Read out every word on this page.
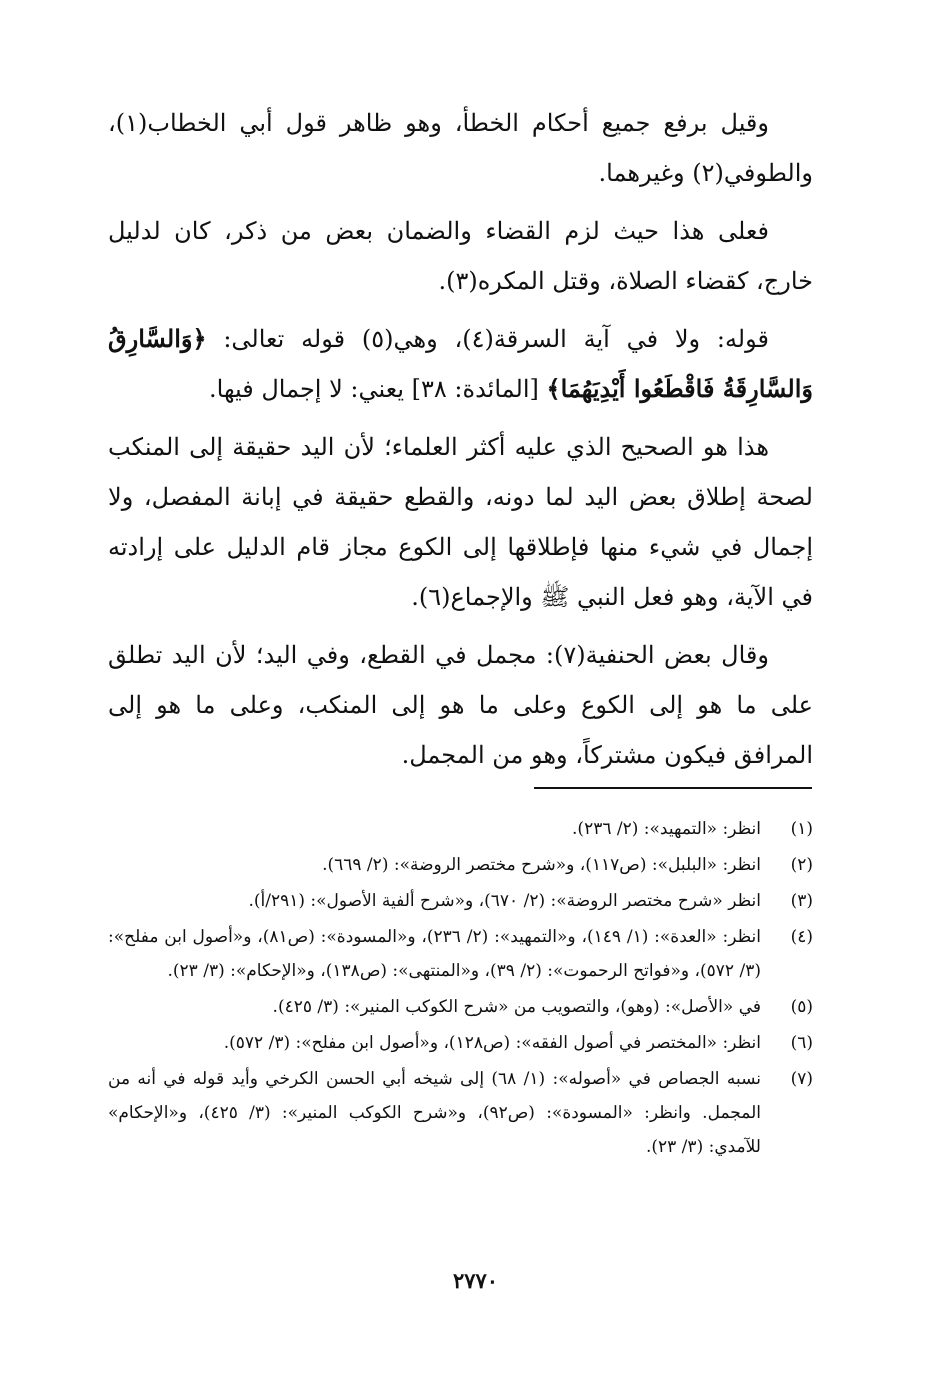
وقيل برفع جميع أحكام الخطأ، وهو ظاهر قول أبي الخطاب(١)، والطوفي(٢) وغيرهما.

فعلى هذا حيث لزم القضاء والضمان بعض من ذكر، كان لدليل خارج، كقضاء الصلاة، وقتل المكره(٣).

قوله: ولا في آية السرقة(٤)، وهي(٥) قوله تعالى: ﴿وَالسَّارِقُ وَالسَّارِقَةُ فَاقْطَعُوا أَيْدِيَهُمَا﴾ [المائدة: ٣٨] يعني: لا إجمال فيها.

هذا هو الصحيح الذي عليه أكثر العلماء؛ لأن اليد حقيقة إلى المنكب لصحة إطلاق بعض اليد لما دونه، والقطع حقيقة في إبانة المفصل، ولا إجمال في شيء منها فإطلاقها إلى الكوع مجاز قام الدليل على إرادته في الآية، وهو فعل النبي ﷺ والإجماع(٦).

وقال بعض الحنفية(٧): مجمل في القطع، وفي اليد؛ لأن اليد تطلق على ما هو إلى الكوع وعلى ما هو إلى المنكب، وعلى ما هو إلى المرافق فيكون مشتركاً، وهو من المجمل.

(١)
انظر: «التمهيد»: (٢/ ٢٣٦).
(٢)
انظر: «البلبل»: (ص١١٧)، و«شرح مختصر الروضة»: (٢/ ٦٦٩).
(٣)
انظر «شرح مختصر الروضة»: (٢/ ٦٧٠)، و«شرح ألفية الأصول»: (٢٩١/أ).
(٤)
انظر: «العدة»: (١/ ١٤٩)، و«التمهيد»: (٢/ ٢٣٦)، و«المسودة»: (ص٨١)، و«أصول ابن مفلح»: (٣/ ٥٧٢)، و«فواتح الرحموت»: (٢/ ٣٩)، و«المنتهى»: (ص١٣٨)، و«الإحكام»: (٣/ ٢٣).
(٥)
في «الأصل»: (وهو)، والتصويب من «شرح الكوكب المنير»: (٣/ ٤٢٥).
(٦)
انظر: «المختصر في أصول الفقه»: (ص١٢٨)، و«أصول ابن مفلح»: (٣/ ٥٧٢).
(٧)
نسبه الجصاص في «أصوله»: (١/ ٦٨) إلى شيخه أبي الحسن الكرخي وأيد قوله في أنه من المجمل. وانظر: «المسودة»: (ص٩٢)، و«شرح الكوكب المنير»: (٣/ ٤٢٥)، و«الإحكام» للآمدي: (٣/ ٢٣).
٢٧٧٠
